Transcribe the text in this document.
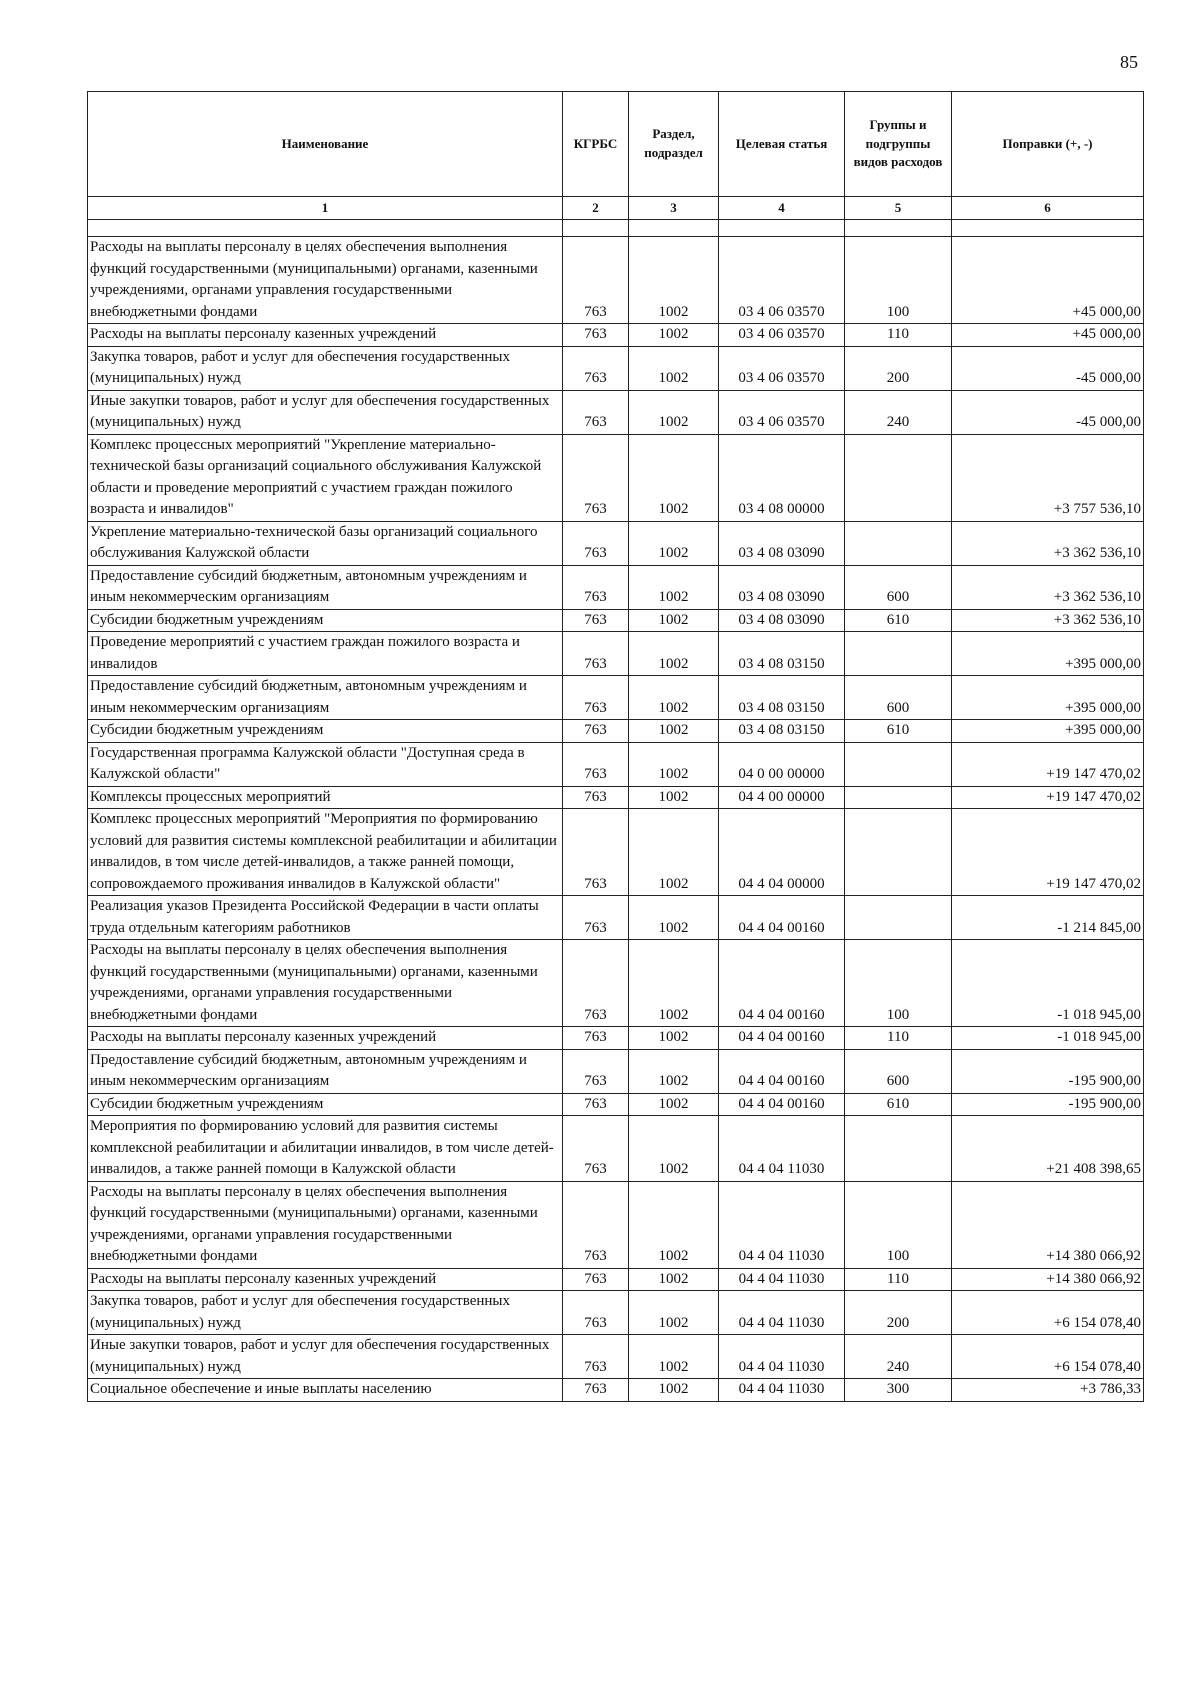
85
Наименование	КГРБС	Раздел, подраздел	Целевая статья	Группы и подгруппы видов расходов	Поправки (+, -)
1	2	3	4	5	6

Расходы на выплаты персоналу в целях обеспечения выполнения функций государственными (муниципальными) органами, казенными учреждениями, органами управления государственными внебюджетными фондами	763	1002	03 4 06 03570	100	+45 000,00
Расходы на выплаты персоналу казенных учреждений	763	1002	03 4 06 03570	110	+45 000,00
Закупка товаров, работ и услуг для обеспечения государственных (муниципальных) нужд	763	1002	03 4 06 03570	200	-45 000,00
Иные закупки товаров, работ и услуг для обеспечения государственных (муниципальных) нужд	763	1002	03 4 06 03570	240	-45 000,00
Комплекс процессных мероприятий "Укрепление материально-технической базы организаций социального обслуживания Калужской области и проведение мероприятий с участием граждан пожилого возраста и инвалидов"	763	1002	03 4 08 00000		+3 757 536,10
Укрепление материально-технической базы организаций социального обслуживания Калужской области	763	1002	03 4 08 03090		+3 362 536,10
Предоставление субсидий бюджетным, автономным учреждениям и иным некоммерческим организациям	763	1002	03 4 08 03090	600	+3 362 536,10
Субсидии бюджетным учреждениям	763	1002	03 4 08 03090	610	+3 362 536,10
Проведение мероприятий с участием граждан пожилого возраста и инвалидов	763	1002	03 4 08 03150		+395 000,00
Предоставление субсидий бюджетным, автономным учреждениям и иным некоммерческим организациям	763	1002	03 4 08 03150	600	+395 000,00
Субсидии бюджетным учреждениям	763	1002	03 4 08 03150	610	+395 000,00
Государственная программа Калужской области "Доступная среда в Калужской области"	763	1002	04 0 00 00000		+19 147 470,02
Комплексы процессных мероприятий	763	1002	04 4 00 00000		+19 147 470,02
Комплекс процессных мероприятий "Мероприятия по формированию условий для развития системы комплексной реабилитации и абилитации инвалидов, в том числе детей-инвалидов, а также ранней помощи, сопровождаемого проживания инвалидов в Калужской области"	763	1002	04 4 04 00000		+19 147 470,02
Реализация указов Президента Российской Федерации в части оплаты труда отдельным категориям работников	763	1002	04 4 04 00160		-1 214 845,00
Расходы на выплаты персоналу в целях обеспечения выполнения функций государственными (муниципальными) органами, казенными учреждениями, органами управления государственными внебюджетными фондами	763	1002	04 4 04 00160	100	-1 018 945,00
Расходы на выплаты персоналу казенных учреждений	763	1002	04 4 04 00160	110	-1 018 945,00
Предоставление субсидий бюджетным, автономным учреждениям и иным некоммерческим организациям	763	1002	04 4 04 00160	600	-195 900,00
Субсидии бюджетным учреждениям	763	1002	04 4 04 00160	610	-195 900,00
Мероприятия по формированию условий для развития системы комплексной реабилитации и абилитации инвалидов, в том числе детей-инвалидов, а также ранней помощи в Калужской области	763	1002	04 4 04 11030		+21 408 398,65
Расходы на выплаты персоналу в целях обеспечения выполнения функций государственными (муниципальными) органами, казенными учреждениями, органами управления государственными внебюджетными фондами	763	1002	04 4 04 11030	100	+14 380 066,92
Расходы на выплаты персоналу казенных учреждений	763	1002	04 4 04 11030	110	+14 380 066,92
Закупка товаров, работ и услуг для обеспечения государственных (муниципальных) нужд	763	1002	04 4 04 11030	200	+6 154 078,40
Иные закупки товаров, работ и услуг для обеспечения государственных (муниципальных) нужд	763	1002	04 4 04 11030	240	+6 154 078,40
Социальное обеспечение и иные выплаты населению	763	1002	04 4 04 11030	300	+3 786,33
